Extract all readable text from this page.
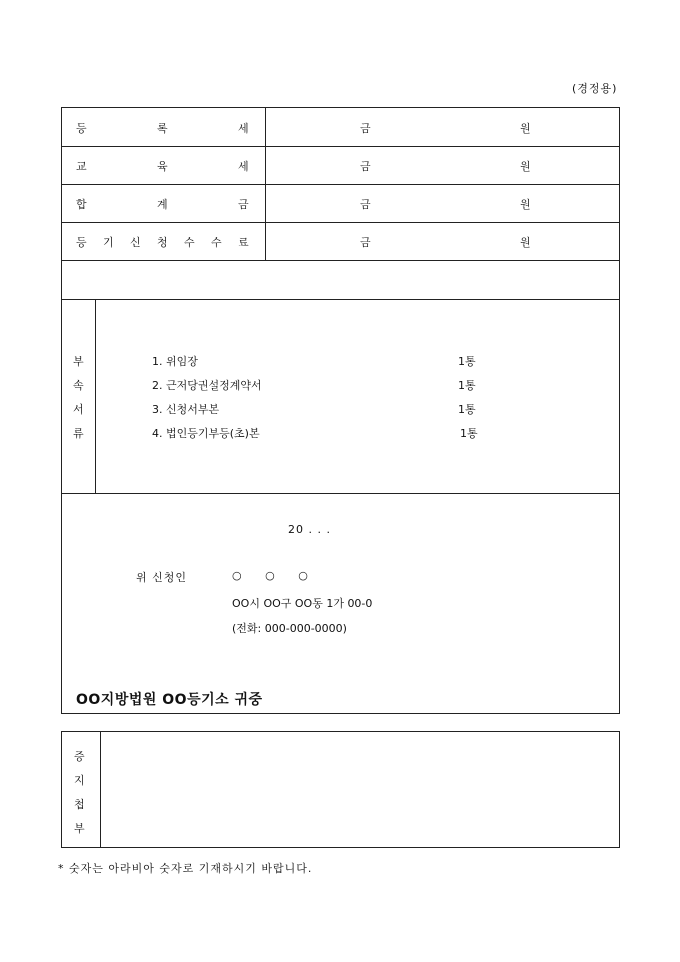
(경정용)
등	록	세	금	원
교	육	세	금	원
합	계	금	금	원
등 기 신 청 수 수 료	금	원
부
속
서
류
1. 위임장	1통
2. 근저당권설정계약서	1통
3. 신청서부본	1통
4. 법인등기부등(초)본	1통
20 . . .
위 신청인	○ ○ ○
OO시 OO구 OO동 1가 00-0
(전화: 000-000-0000)
OO지방법원 OO등기소 귀중
증
지
첩
부
* 숫자는 아라비아 숫자로 기재하시기 바랍니다.
